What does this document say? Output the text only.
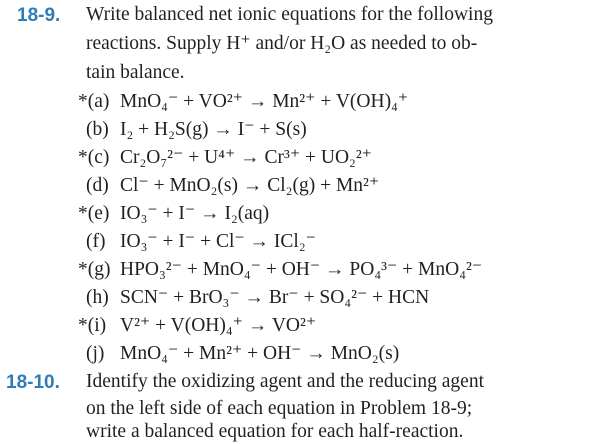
18-9. Write balanced net ionic equations for the following
reactions. Supply H⁺ and/or H₂O as needed to ob-
tain balance.
*(a) MnO₄⁻ + VO²⁺ → Mn²⁺ + V(OH)₄⁺
(b) I₂ + H₂S(g) → I⁻ + S(s)
*(c) Cr₂O₇²⁻ + U⁴⁺ → Cr³⁺ + UO₂²⁺
(d) Cl⁻ + MnO₂(s) → Cl₂(g) + Mn²⁺
*(e) IO₃⁻ + I⁻ → I₂(aq)
(f) IO₃⁻ + I⁻ + Cl⁻ → ICl₂⁻
*(g) HPO₃²⁻ + MnO₄⁻ + OH⁻ → PO₄³⁻ + MnO₄²⁻
(h) SCN⁻ + BrO₃⁻ → Br⁻ + SO₄²⁻ + HCN
*(i) V²⁺ + V(OH)₄⁺ → VO²⁺
(j) MnO₄⁻ + Mn²⁺ + OH⁻ → MnO₂(s)
18-10. Identify the oxidizing agent and the reducing agent
on the left side of each equation in Problem 18-9;
write a balanced equation for each half-reaction.
